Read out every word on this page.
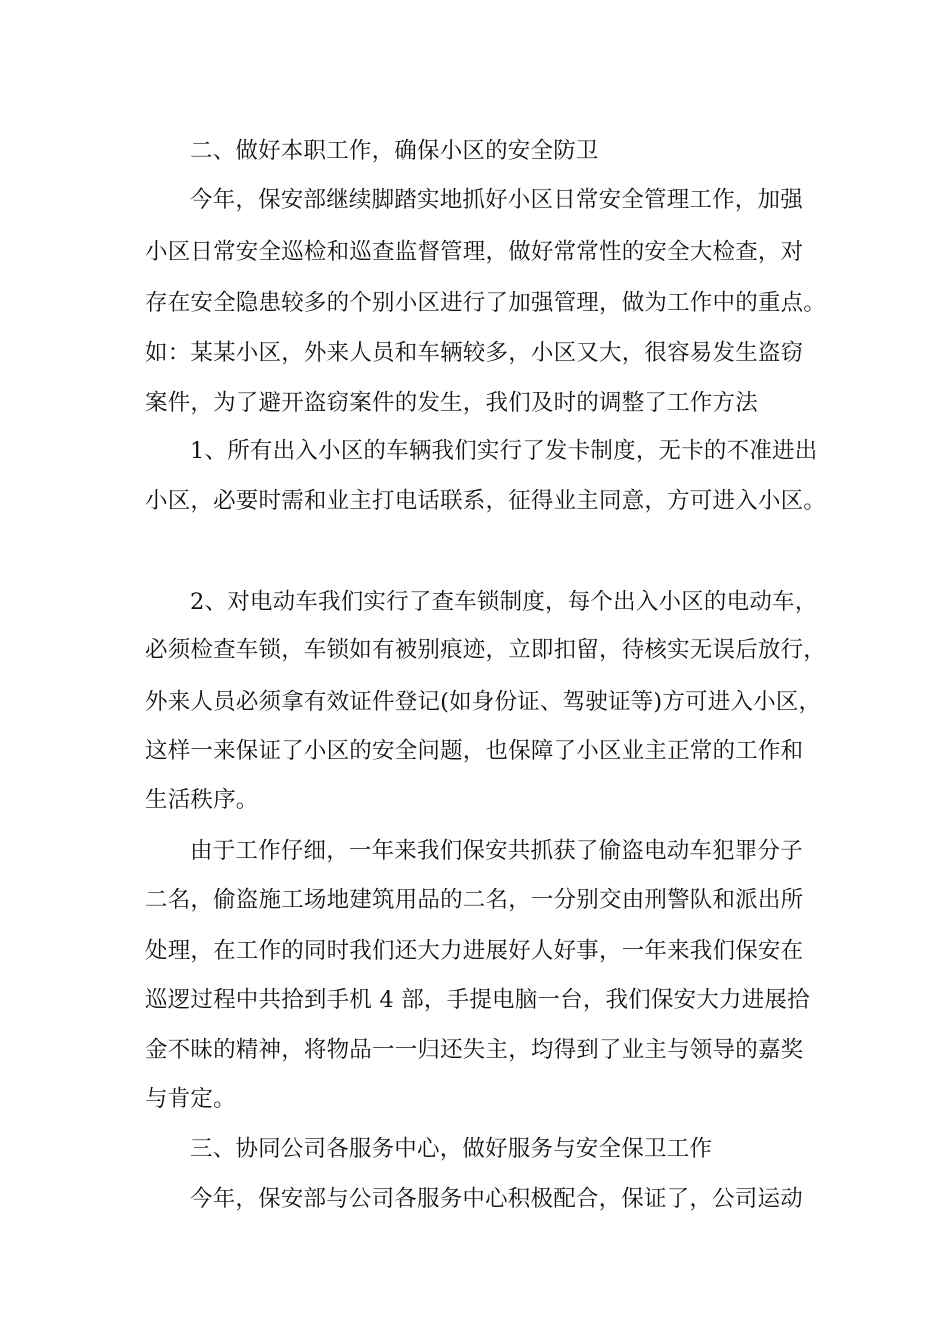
二、做好本职工作，确保小区的安全防卫
今年，保安部继续脚踏实地抓好小区日常安全管理工作，加强
小区日常安全巡检和巡查监督管理，做好常常性的安全大检查，对
存在安全隐患较多的个别小区进行了加强管理，做为工作中的重点。
如：某某小区，外来人员和车辆较多，小区又大，很容易发生盗窃
案件，为了避开盗窃案件的发生，我们及时的调整了工作方法
1、所有出入小区的车辆我们实行了发卡制度，无卡的不准进出
小区，必要时需和业主打电话联系，征得业主同意，方可进入小区。
2、对电动车我们实行了查车锁制度，每个出入小区的电动车，
必须检查车锁，车锁如有被别痕迹，立即扣留，待核实无误后放行，
外来人员必须拿有效证件登记(如身份证、驾驶证等)方可进入小区，
这样一来保证了小区的安全问题，也保障了小区业主正常的工作和
生活秩序。
由于工作仔细，一年来我们保安共抓获了偷盗电动车犯罪分子
二名，偷盗施工场地建筑用品的二名，一分别交由刑警队和派出所
处理，在工作的同时我们还大力进展好人好事，一年来我们保安在
巡逻过程中共拾到手机 4 部，手提电脑一台，我们保安大力进展拾
金不昧的精神，将物品一一归还失主，均得到了业主与领导的嘉奖
与肯定。
三、协同公司各服务中心，做好服务与安全保卫工作
今年，保安部与公司各服务中心积极配合，保证了，公司运动
